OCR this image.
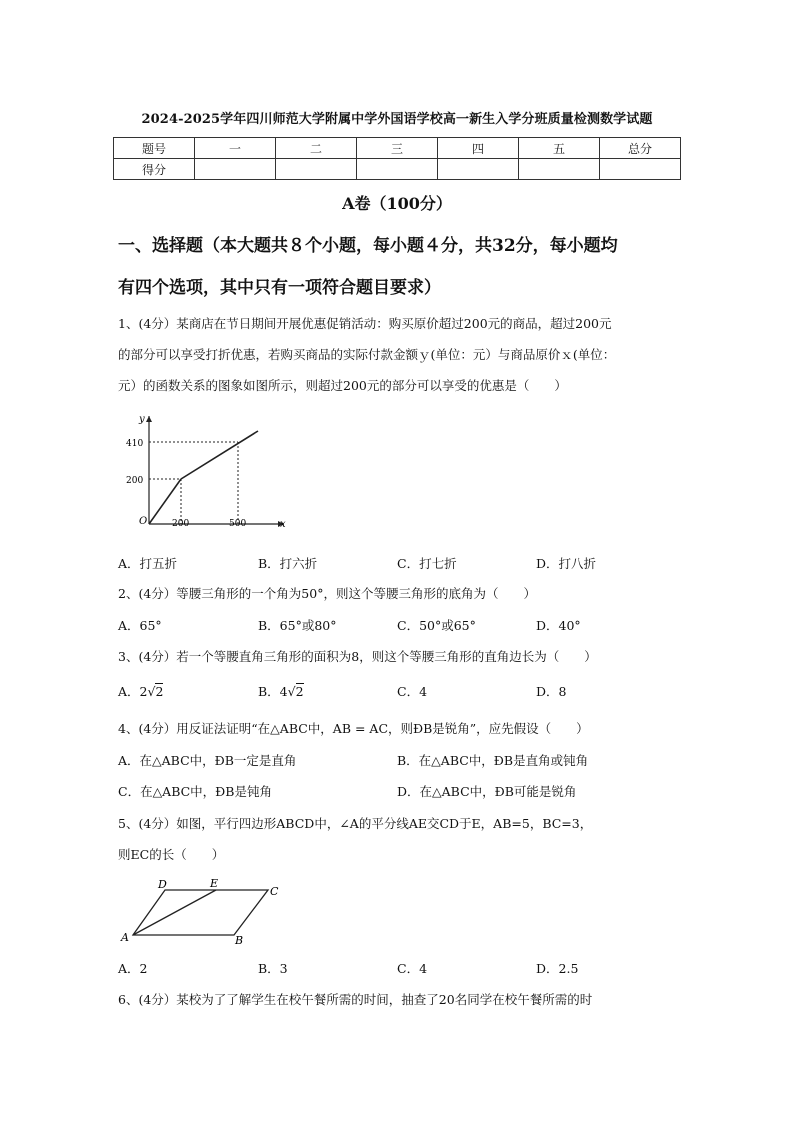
2024-2025学年四川师范大学附属中学外国语学校高一新生入学分班质量检测数学试题
题号	一	二	三	四	五	总分
得分						
A卷（100分）
一、选择题（本大题共８个小题，每小题４分，共32分，每小题均
有四个选项，其中只有一项符合题目要求）
1、(4分）某商店在节日期间开展优惠促销活动：购买原价超过200元的商品，超过200元
的部分可以享受打折优惠，若购买商品的实际付款金额ｙ(单位：元）与商品原价ｘ(单位：
元）的函数关系的图象如图所示，则超过200元的部分可以享受的优惠是（　　）
y
x
O
410
200
200	500
A．打五折	B．打六折	C．打七折	D．打八折
2、(4分）等腰三角形的一个角为50°，则这个等腰三角形的底角为（　　）
A．65°	B．65°或80°	C．50°或65°	D．40°
3、(4分）若一个等腰直角三角形的面积为8，则这个等腰三角形的直角边长为（　　）
A．2√2	B．4√2	C．4	D．8
4、(4分）用反证法证明“在△ABC中，AB = AC，则ÐB是锐角”，应先假设（　　）
A．在△ABC中，ÐB一定是直角	B．在△ABC中，ÐB是直角或钝角
C．在△ABC中，ÐB是钝角	D．在△ABC中，ÐB可能是锐角
5、(4分）如图，平行四边形ABCD中，∠A的平分线AE交CD于E，AB=5，BC=3，
则EC的长（　　）
D	E
C
A	B
A．2	B．3	C．4	D．2.5
6、(4分）某校为了了解学生在校午餐所需的时间，抽查了20名同学在校午餐所需的时
